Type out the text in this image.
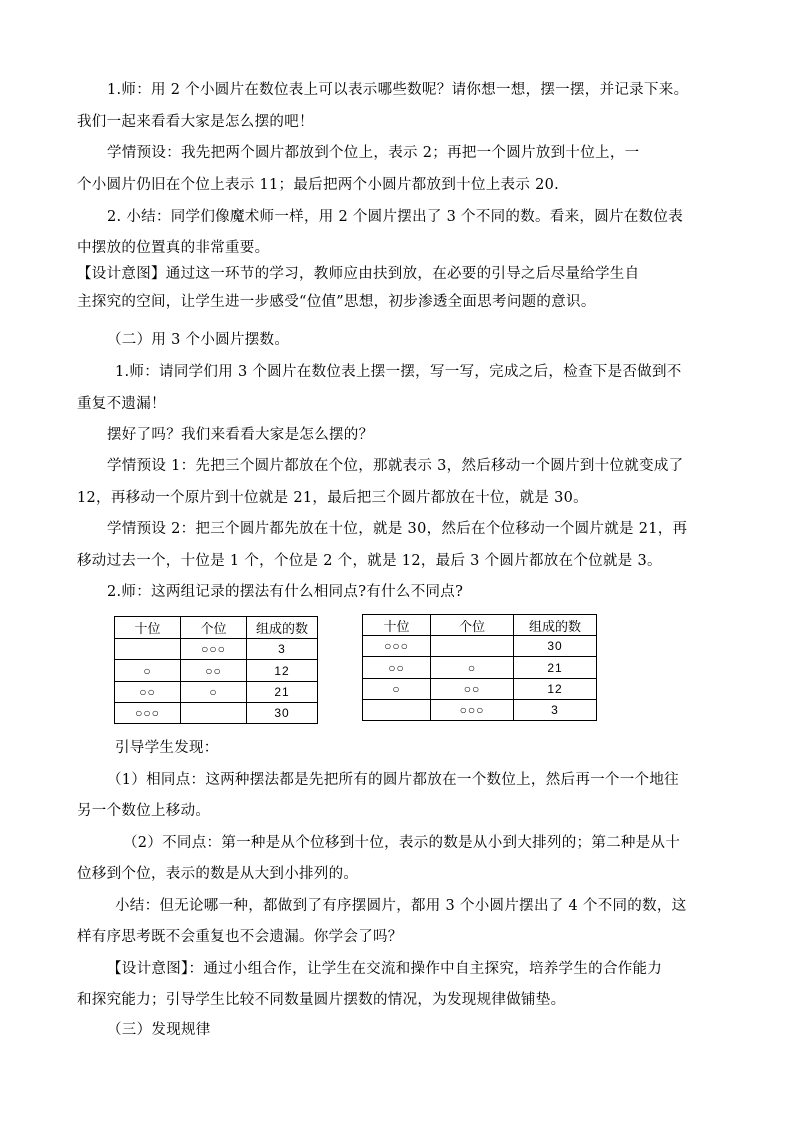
1.师：用 2 个小圆片在数位表上可以表示哪些数呢？请你想一想，摆一摆，并记录下来。
我们一起来看看大家是怎么摆的吧！
学情预设：我先把两个圆片都放到个位上，表示 2；再把一个圆片放到十位上，一
个小圆片仍旧在个位上表示 11；最后把两个小圆片都放到十位上表示 20.
2. 小结：同学们像魔术师一样，用 2 个圆片摆出了 3 个不同的数。看来，圆片在数位表
中摆放的位置真的非常重要。
【设计意图】通过这一环节的学习，教师应由扶到放，在必要的引导之后尽量给学生自
主探究的空间，让学生进一步感受“位值”思想，初步渗透全面思考问题的意识。
（二）用 3 个小圆片摆数。
1.师：请同学们用 3 个圆片在数位表上摆一摆，写一写，完成之后，检查下是否做到不
重复不遗漏！
摆好了吗？我们来看看大家是怎么摆的？
学情预设 1：先把三个圆片都放在个位，那就表示 3，然后移动一个圆片到十位就变成了
12，再移动一个原片到十位就是 21，最后把三个圆片都放在十位，就是 30。
学情预设 2：把三个圆片都先放在十位，就是 30，然后在个位移动一个圆片就是 21，再
移动过去一个，十位是 1 个，个位是 2 个，就是 12，最后 3 个圆片都放在个位就是 3。
2.师：这两组记录的摆法有什么相同点?有什么不同点?
十位	个位	组成的数
	○○○	3
○	○○	12
○○	○	21
○○○		30
十位	个位	组成的数
○○○		30
○○	○	21
○	○○	12
	○○○	3
引导学生发现：
（1）相同点：这两种摆法都是先把所有的圆片都放在一个数位上，然后再一个一个地往
另一个数位上移动。
（2）不同点：第一种是从个位移到十位，表示的数是从小到大排列的；第二种是从十
位移到个位，表示的数是从大到小排列的。
小结：但无论哪一种，都做到了有序摆圆片，都用 3 个小圆片摆出了 4 个不同的数，这
样有序思考既不会重复也不会遗漏。你学会了吗？
【设计意图】：通过小组合作，让学生在交流和操作中自主探究，培养学生的合作能力
和探究能力；引导学生比较不同数量圆片摆数的情况，为发现规律做铺垫。
（三）发现规律
